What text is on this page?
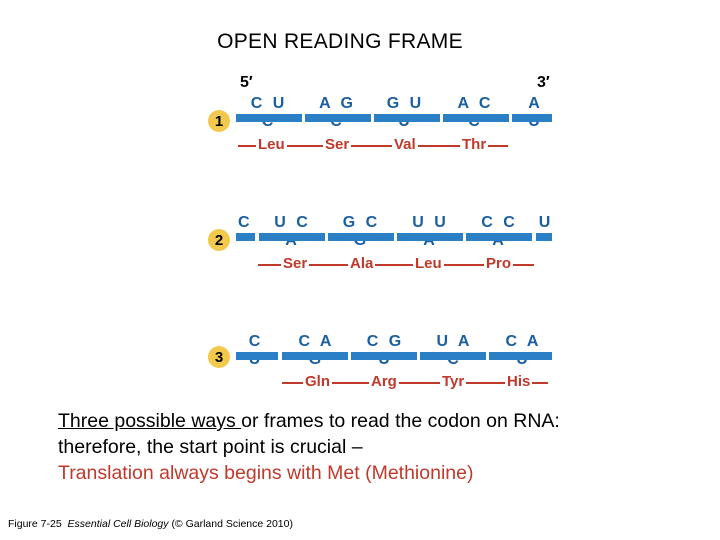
OPEN READING FRAME
5′	3′
1
C U	A G	G U	A C	A
Leu	Ser	Val	Thr
2
C	U C	G C	U U	C C	U
Ser	Ala	Leu	Pro
3
C	C A	C G	U A	C A
Gln	Arg	Tyr	His
Three possible ways or frames to read the codon on RNA:
therefore, the start point is crucial –
Translation always begins with Met (Methionine)
Figure 7-25 Essential Cell Biology (© Garland Science 2010)
